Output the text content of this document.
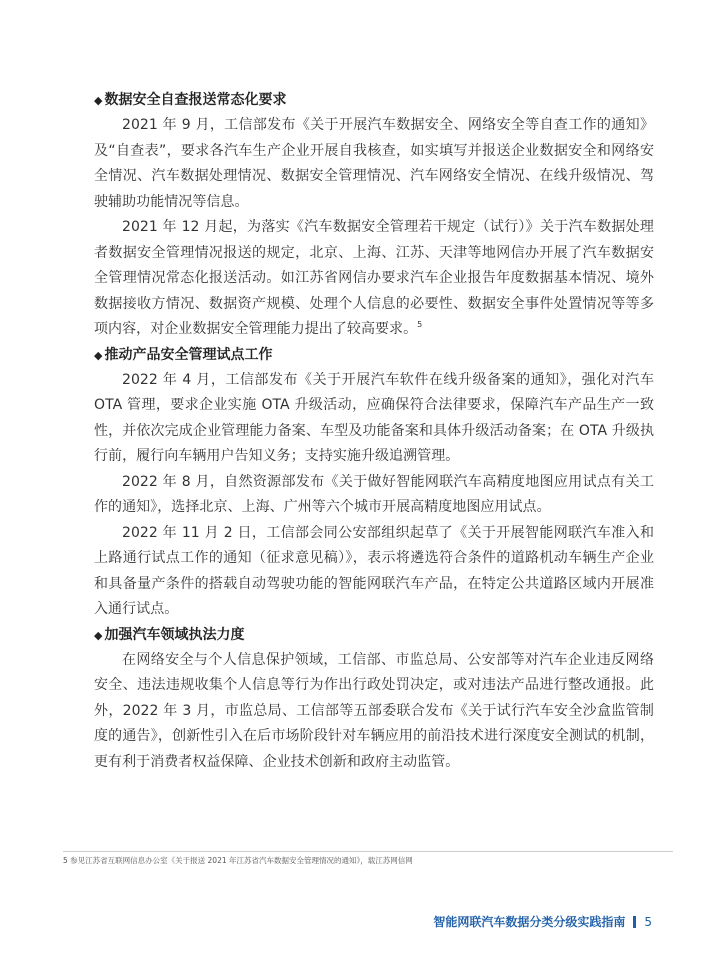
◆ 数据安全自查报送常态化要求

2021 年 9 月，工信部发布《关于开展汽车数据安全、网络安全等自查工作的通知》及“自查表”，要求各汽车生产企业开展自我核查，如实填写并报送企业数据安全和网络安全情况、汽车数据处理情况、数据安全管理情况、汽车网络安全情况、在线升级情况、驾驶辅助功能情况等信息。

2021 年 12 月起，为落实《汽车数据安全管理若干规定（试行）》关于汽车数据处理者数据安全管理情况报送的规定，北京、上海、江苏、天津等地网信办开展了汽车数据安全管理情况常态化报送活动。如江苏省网信办要求汽车企业报告年度数据基本情况、境外数据接收方情况、数据资产规模、处理个人信息的必要性、数据安全事件处置情况等等多项内容，对企业数据安全管理能力提出了较高要求。$^5$

◆ 推动产品安全管理试点工作

2022 年 4 月，工信部发布《关于开展汽车软件在线升级备案的通知》，强化对汽车OTA 管理，要求企业实施 OTA 升级活动，应确保符合法律要求，保障汽车产品生产一致性，并依次完成企业管理能力备案、车型及功能备案和具体升级活动备案；在 OTA 升级执行前，履行向车辆用户告知义务；支持实施升级追溯管理。

2022 年 8 月，自然资源部发布《关于做好智能网联汽车高精度地图应用试点有关工作的通知》，选择北京、上海、广州等六个城市开展高精度地图应用试点。

2022 年 11 月 2 日，工信部会同公安部组织起草了《关于开展智能网联汽车准入和上路通行试点工作的通知（征求意见稿）》，表示将遴选符合条件的道路机动车辆生产企业和具备量产条件的搭载自动驾驶功能的智能网联汽车产品，在特定公共道路区域内开展准入通行试点。

◆ 加强汽车领域执法力度

在网络安全与个人信息保护领域，工信部、市监总局、公安部等对汽车企业违反网络安全、违法违规收集个人信息等行为作出行政处罚决定，或对违法产品进行整改通报。此外，2022 年 3 月，市监总局、工信部等五部委联合发布《关于试行汽车安全沙盒监管制度的通告》，创新性引入在后市场阶段针对车辆应用的前沿技术进行深度安全测试的机制，更有利于消费者权益保障、企业技术创新和政府主动监管。

5 参见江苏省互联网信息办公室《关于报送 2021 年江苏省汽车数据安全管理情况的通知》，载江苏网信网
智能网联汽车数据分类分级实践指南 5
